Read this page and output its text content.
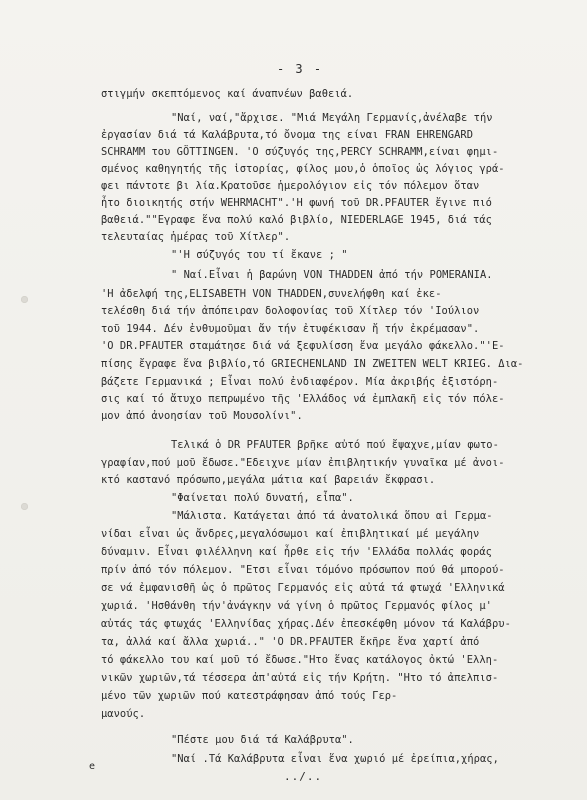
- 3 -
στιγμήν σκεπτόμενος καί άναπνέων βαθειά.
"Ναί, ναί,"ἄρχισε. "Μιά Μεγάλη Γερμανίς,ἀνέλαβε τήν
ἐργασίαν διά τά Καλάβρυτα,τό ὄνομα της είναι FRAN EHRENGARD
SCHRAMM του GÖTTINGEN. 'Ο σύζυγός της,PERCY SCHRAMM,είναι φημι-
σμένος καθηγητής τῆς ἱστορίας, φίλος μου,ὁ ὁποῖος ὡς λόγιος γρά-
φει πάντοτε βι λία.Κρατοῦσε ἡμερολόγιον εἰς τόν πόλεμον ὅταν
ἦτο διοικητής στήν WEHRMACHT".'Η φωνή τοῦ DR.PFAUTER ἔγινε πιό
βαθειά.""Εγραφε ἕνα πολύ καλό βιβλίο, NIEDERLAGE 1945, διά τάς
τελευταίας ἡμέρας τοῦ Χίτλερ".
"'Η σύζυγός του τί ἔκανε ; "
" Ναί.Εἶναι ἡ βαρώνη VON THADDEN ἀπό τήν POMERANIA.
'Η ἀδελφή της,ELISABETH VON THADDEN,συνελήφθη καί ἐκε-
τελέσθη διά τήν ἀπόπειραν δολοφονίας τοῦ Χίτλερ τόν 'Ιούλιον
τοῦ 1944. Δέν ἐνθυμοῦμαι ἄν τήν ἐτυφέκισαν ἤ τήν ἐκρέμασαν".
'Ο DR.PFAUTER σταμάτησε διά νά ξεφυλίσση ἕνα μεγάλο φάκελλο."'E-
πίσης ἔγραφε ἕνα βιβλίο,τό GRIECHENLAND IN ZWEITEN WELT KRIEG. Δια-
βάζετε Γερμανικά ; Εἶναι πολύ ἐνδιαφέρον. Μία ἀκριβής ἐξιστόρη-
σις καί τό ἄτυχο πεπρωμένο τῆς 'Ελλάδος νά ἐμπλακῆ εἰς τόν πόλε-
μον ἀπό ἀνοησίαν τοῦ Μουσολίνι".
Τελικά ὁ DR PFAUTER βρῆκε αὐτό πού ἔψαχνε,μίαν φωτο-
γραφίαν,πού μοῦ ἔδωσε."Εδειχνε μίαν ἐπιβλητικήν γυναῖκα μέ ἀνοι-
κτό καστανό πρόσωπο,μεγάλα μάτια καί βαρειάν ἔκφρασι.
"Φαίνεται πολύ δυνατή, εἶπα".
"Μάλιστα. Κατάγεται ἀπό τά ἀνατολικά ὅπου αἱ Γερμα-
νίδαι εἶναι ὡς ἄνδρες,μεγαλόσωμοι καί ἐπιβλητικαί μέ μεγάλην
δύναμιν. Εἶναι φιλέλληνη καί ἦρθε εἰς τήν 'Ελλάδα πολλάς φοράς
πρίν ἀπό τόν πόλεμον. "Ετσι εἶναι τόμόνο πρόσωπον πού θά μπορού-
σε νά ἐμφανισθῆ ὡς ὁ πρῶτος Γερμανός εἰς αὐτά τά φτωχά 'Ελληνικά
χωριά. 'Ησθάνθη τήν'ἀνάγκην νά γίνη ὁ πρῶτος Γερμανός φίλος μ'
αὐτάς τάς φτωχάς 'Ελληνίδας χήρας.Δέν ἐπεσκέφθη μόνον τά Καλάβρυ-
τα, ἀλλά καί ἄλλα χωριά.." 'Ο DR.PFAUTER ἔκῆρε ἕνα χαρτί ἀπό
τό φάκελλο του καί μοῦ τό ἔδωσε."Ητο ἕνας κατάλογος ὀκτώ 'Ελλη-
νικῶν χωριῶν,τά τέσσερα ἀπ'αὐτά εἰς τήν Κρήτη. "Ητο τό ἀπελπισ-
μένο τῶν χωριῶν πού κατεστράφησαν ἀπό τούς Γερ-
μανούς.
"Πέστε μου διά τά Καλάβρυτα".
"Ναί .Τά Καλάβρυτα εἶναι ἕνα χωριό μέ ἐρείπια,χήρας,
e
../..
